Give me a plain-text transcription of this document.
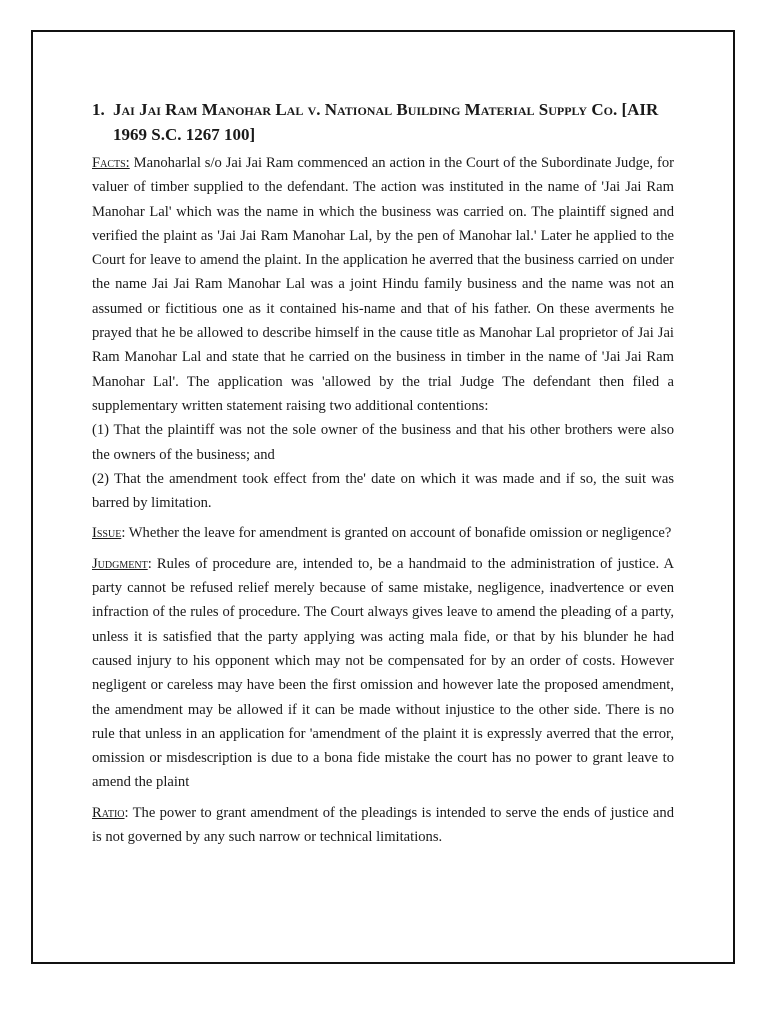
1. Jai Jai Ram Manohar Lal v. National Building Material Supply Co. [AIR 1969 S.C. 1267 100]

Facts: Manoharlal s/o Jai Jai Ram commenced an action in the Court of the Subordinate Judge, for valuer of timber supplied to the defendant. The action was instituted in the name of 'Jai Jai Ram Manohar Lal' which was the name in which the business was carried on. The plaintiff signed and verified the plaint as 'Jai Jai Ram Manohar Lal, by the pen of Manohar lal.' Later he applied to the Court for leave to amend the plaint. In the application he averred that the business carried on under the name Jai Jai Ram Manohar Lal was a joint Hindu family business and the name was not an assumed or fictitious one as it contained his-name and that of his father. On these averments he prayed that he be allowed to describe himself in the cause title as Manohar Lal proprietor of Jai Jai Ram Manohar Lal and state that he carried on the business in timber in the name of 'Jai Jai Ram Manohar Lal'. The application was 'allowed by the trial Judge The defendant then filed a supplementary written statement raising two additional contentions:

(1) That the plaintiff was not the sole owner of the business and that his other brothers were also the owners of the business; and

(2) That the amendment took effect from the' date on which it was made and if so, the suit was barred by limitation.

Issue: Whether the leave for amendment is granted on account of bonafide omission or negligence?

Judgment: Rules of procedure are, intended to, be a handmaid to the administration of justice. A party cannot be refused relief merely because of same mistake, negligence, inadvertence or even infraction of the rules of procedure. The Court always gives leave to amend the pleading of a party, unless it is satisfied that the party applying was acting mala fide, or that by his blunder he had caused injury to his opponent which may not be compensated for by an order of costs. However negligent or careless may have been the first omission and however late the proposed amendment, the amendment may be allowed if it can be made without injustice to the other side. There is no rule that unless in an application for 'amendment of the plaint it is expressly averred that the error, omission or misdescription is due to a bona fide mistake the court has no power to grant leave to amend the plaint

Ratio: The power to grant amendment of the pleadings is intended to serve the ends of justice and is not governed by any such narrow or technical limitations.
